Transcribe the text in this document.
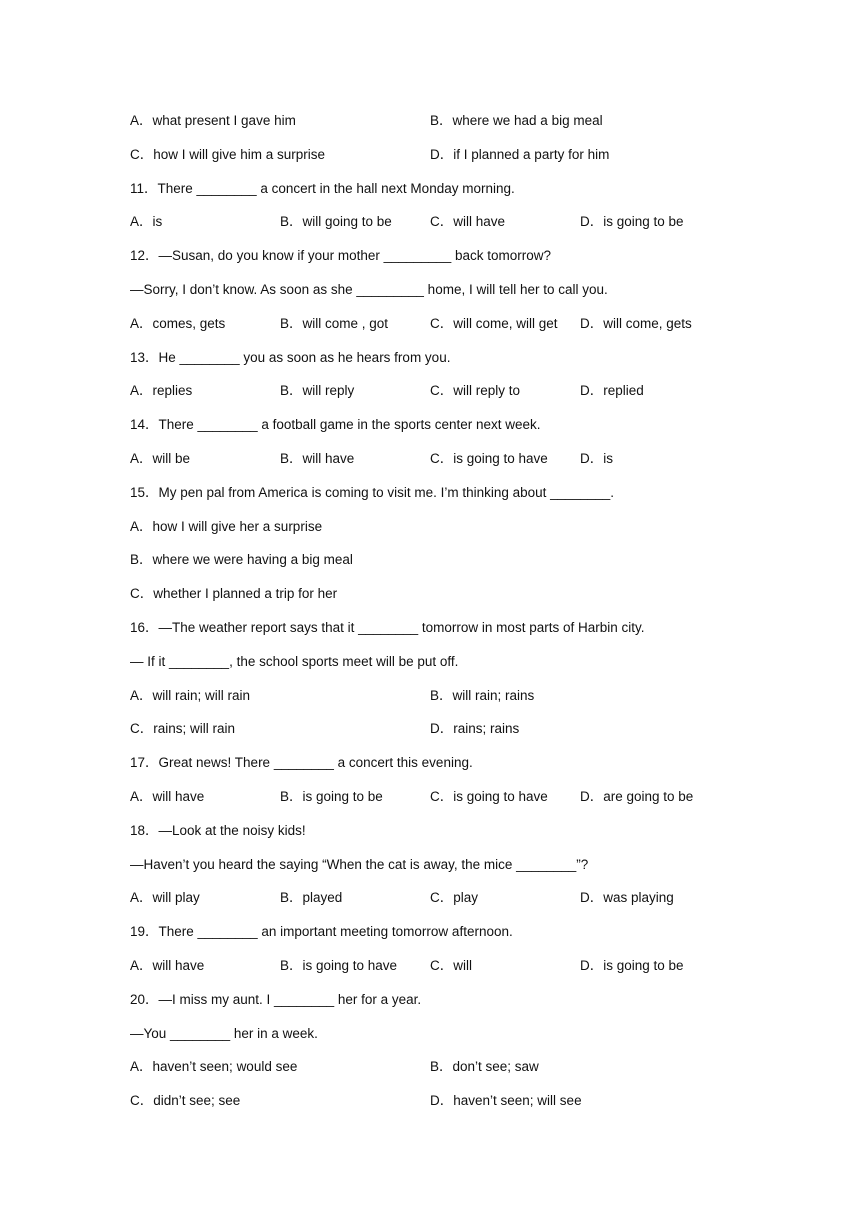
A．what present I gave him	B．where we had a big meal
C．how I will give him a surprise	D．if I planned a party for him
11．There ________ a concert in the hall next Monday morning.
A．is	B．will going to be	C．will have	D．is going to be
12．—Susan, do you know if your mother _________ back tomorrow?
—Sorry, I don’t know. As soon as she _________ home, I will tell her to call you.
A．comes, gets	B．will come , got	C．will come, will get D．will come, gets
13．He ________ you as soon as he hears from you.
A．replies	B．will reply	C．will reply to	D．replied
14．There ________ a football game in the sports center next week.
A．will be	B．will have	C．is going to have D．is
15．My pen pal from America is coming to visit me. I’m thinking about ________.
A．how I will give her a surprise
B．where we were having a big meal
C．whether I planned a trip for her
16．—The weather report says that it ________ tomorrow in most parts of Harbin city.
— If it ________, the school sports meet will be put off.
A．will rain; will rain	B．will rain; rains
C．rains; will rain	D．rains; rains
17．Great news! There ________ a concert this evening.
A．will have	B．is going to be	C．is going to have D．are going to be
18．—Look at the noisy kids!
—Haven’t you heard the saying “When the cat is away, the mice ________”?
A．will play	B．played	C．play	D．was playing
19．There ________ an important meeting tomorrow afternoon.
A．will have	B．is going to have C．will	D．is going to be
20．—I miss my aunt. I ________ her for a year.
—You ________ her in a week.
A．haven’t seen; would see	B．don’t see; saw
C．didn’t see; see	D．haven’t seen; will see
